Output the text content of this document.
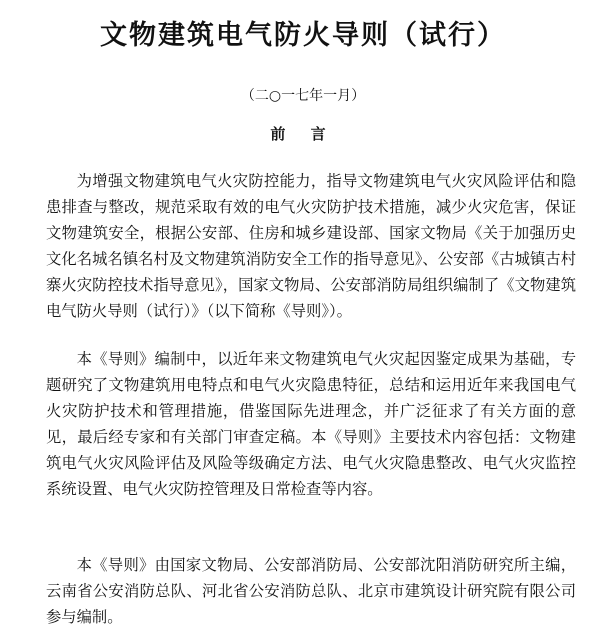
文物建筑电气防火导则（试行）
（二○一七年一月）
前 言

为增强文物建筑电气火灾防控能力，指导文物建筑电气火灾风险评估和隐患排查与整改，规范采取有效的电气火灾防护技术措施，减少火灾危害，保证文物建筑安全，根据公安部、住房和城乡建设部、国家文物局《关于加强历史文化名城名镇名村及文物建筑消防安全工作的指导意见》、公安部《古城镇古村寨火灾防控技术指导意见》，国家文物局、公安部消防局组织编制了《文物建筑电气防火导则（试行）》（以下简称《导则》）。

本《导则》编制中，以近年来文物建筑电气火灾起因鉴定成果为基础，专题研究了文物建筑用电特点和电气火灾隐患特征，总结和运用近年来我国电气火灾防护技术和管理措施，借鉴国际先进理念，并广泛征求了有关方面的意见，最后经专家和有关部门审查定稿。本《导则》主要技术内容包括：文物建筑电气火灾风险评估及风险等级确定方法、电气火灾隐患整改、电气火灾监控系统设置、电气火灾防控管理及日常检查等内容。

本《导则》由国家文物局、公安部消防局、公安部沈阳消防研究所主编，云南省公安消防总队、河北省公安消防总队、北京市建筑设计研究院有限公司参与编制。
